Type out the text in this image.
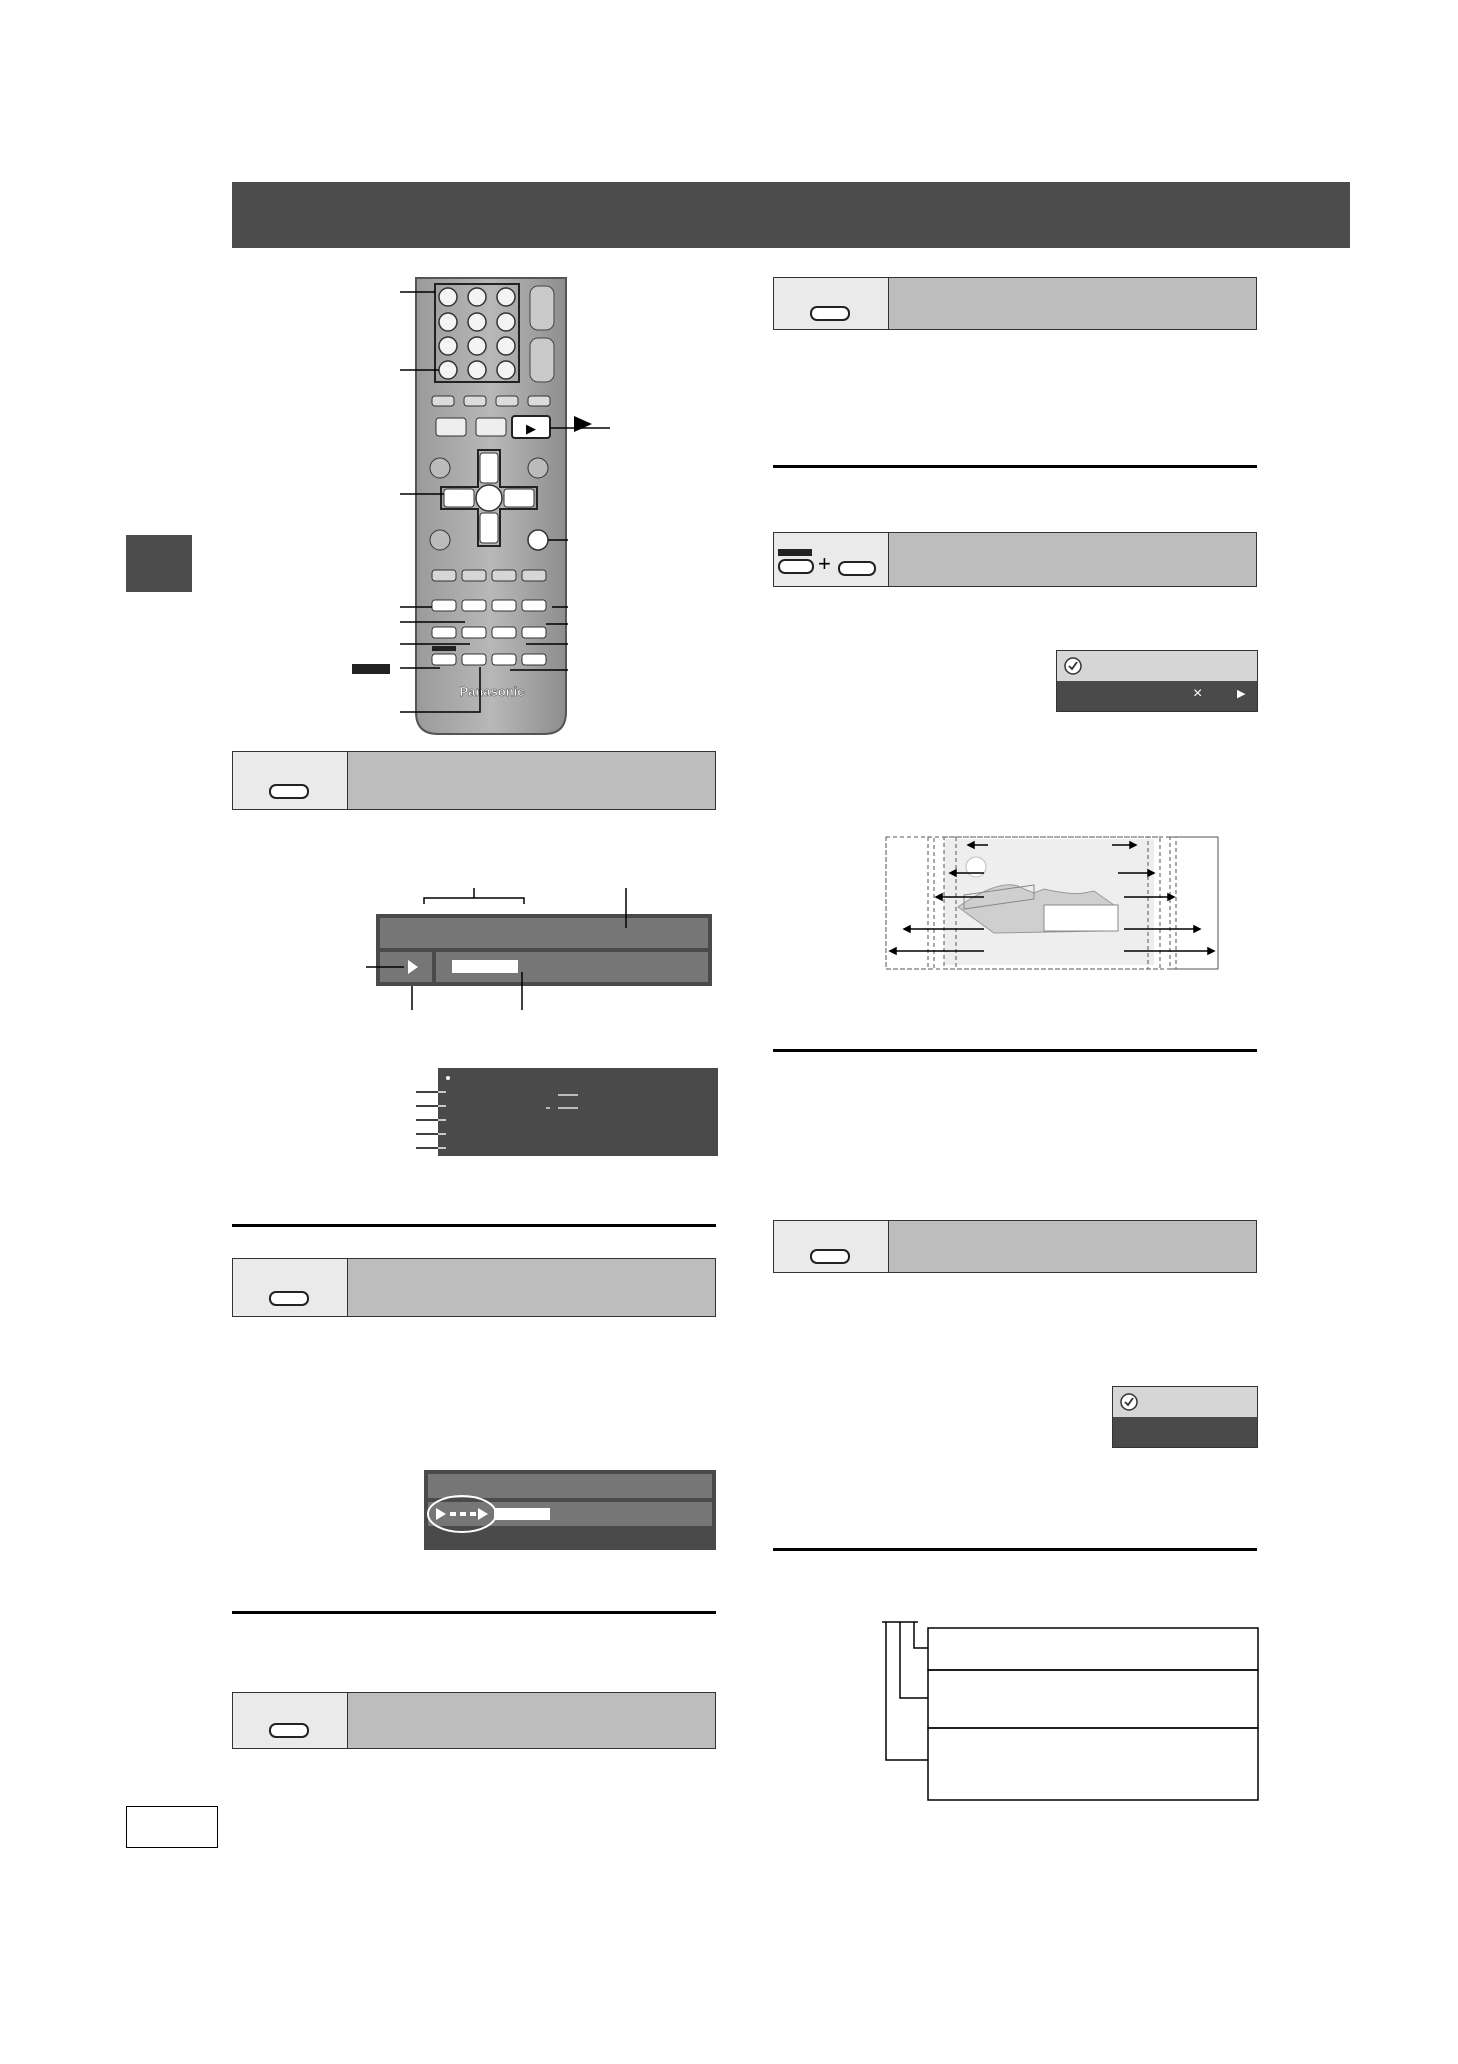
▶
Panasonic
+
×	▶
